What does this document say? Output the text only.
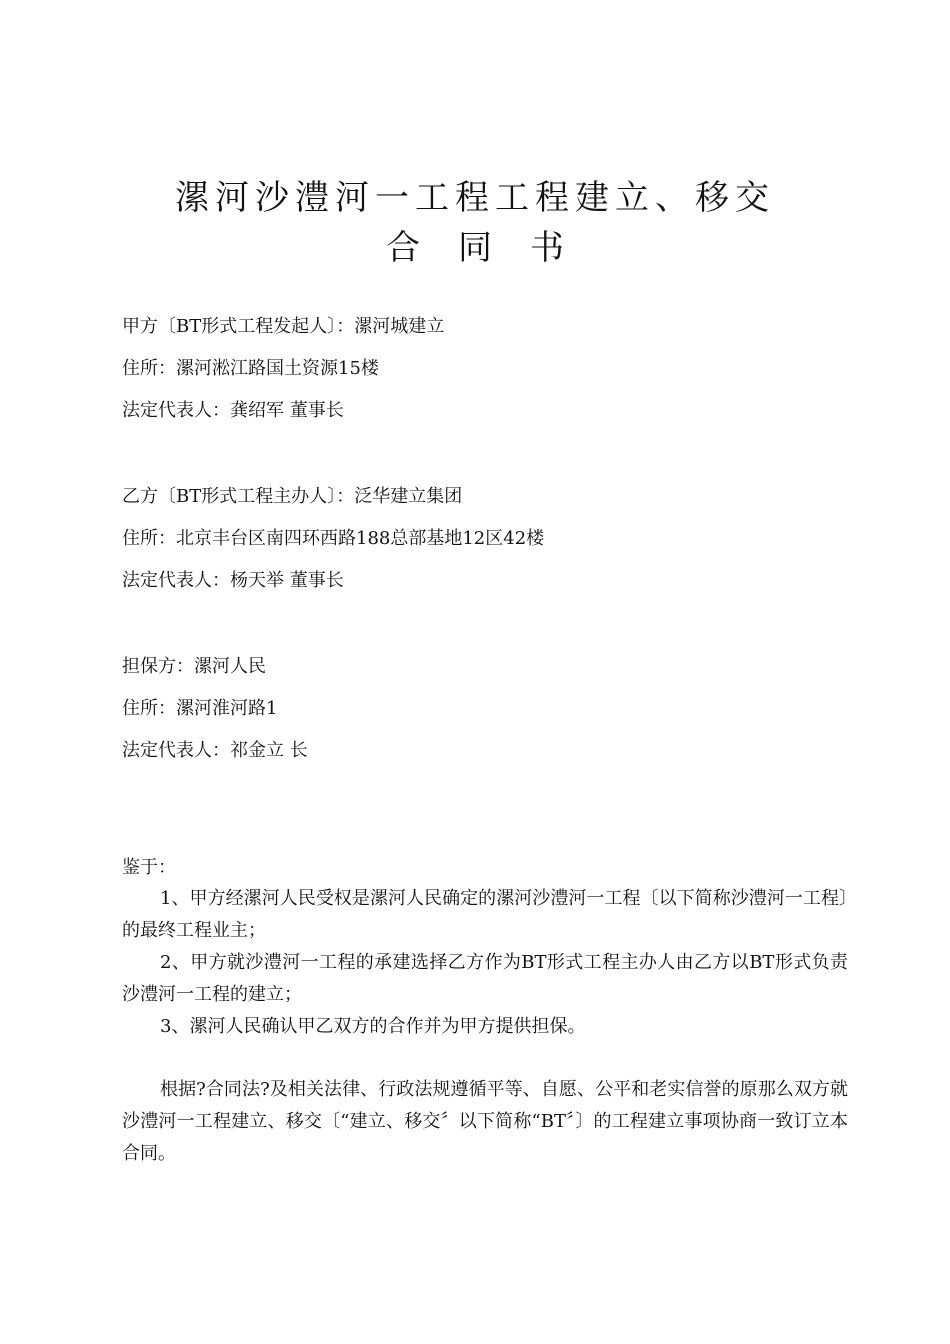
漯河沙澧河一工程工程建立、移交
合同书
甲方〔BT形式工程发起人〕：漯河城建立
住所：漯河淞江路国土资源15楼
法定代表人：龚绍军 董事长
乙方〔BT形式工程主办人〕：泛华建立集团
住所：北京丰台区南四环西路188总部基地12区42楼
法定代表人：杨天举 董事长
担保方：漯河人民
住所：漯河淮河路1
法定代表人：祁金立 长
鉴于：
1、甲方经漯河人民受权是漯河人民确定的漯河沙澧河一工程〔以下简称沙澧河一工程〕的最终工程业主；
2、甲方就沙澧河一工程的承建选择乙方作为BT形式工程主办人由乙方以BT形式负责沙澧河一工程的建立；
3、漯河人民确认甲乙双方的合作并为甲方提供担保。
根据?合同法?及相关法律、行政法规遵循平等、自愿、公平和老实信誉的原那么双方就沙澧河一工程建立、移交〔“建立、移交〞以下简称“BT〞〕的工程建立事项协商一致订立本合同。
